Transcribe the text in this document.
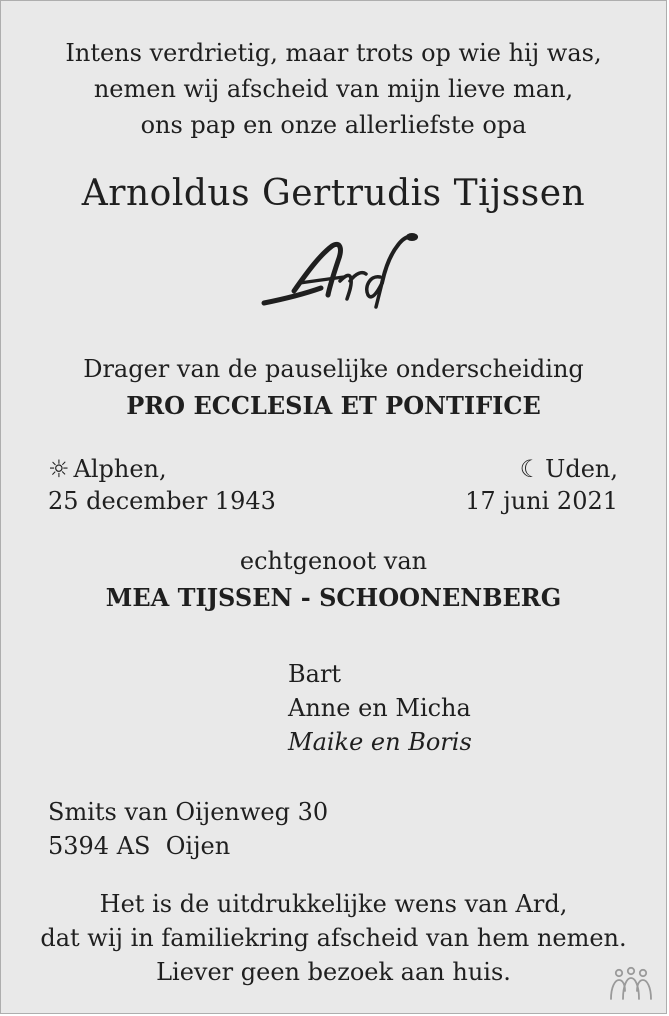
Intens verdrietig, maar trots op wie hij was,
nemen wij afscheid van mijn lieve man,
ons pap en onze allerliefste opa
Arnoldus Gertrudis Tijssen
Drager van de pauselijke onderscheiding
PRO ECCLESIA ET PONTIFICE
☼ Alphen,
25 december 1943
☾ Uden,
17 juni 2021
echtgenoot van
MEA TIJSSEN - SCHOONENBERG
Bart
Anne en Micha
Maike en Boris
Smits van Oijenweg 30
5394 AS  Oijen
Het is de uitdrukkelijke wens van Ard,
dat wij in familiekring afscheid van hem nemen.
Liever geen bezoek aan huis.
